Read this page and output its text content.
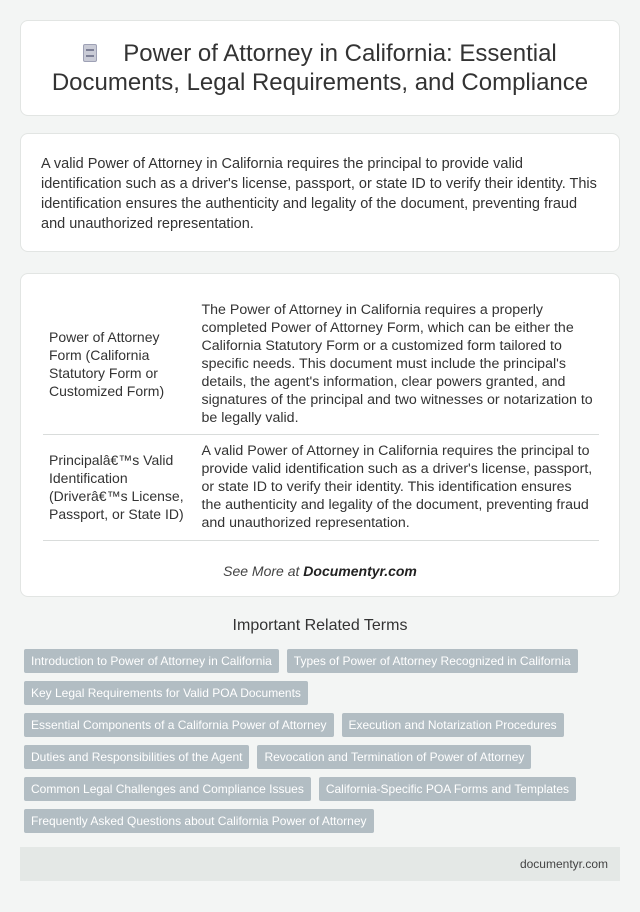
Power of Attorney in California: Essential Documents, Legal Requirements, and Compliance

A valid Power of Attorney in California requires the principal to provide valid identification such as a driver's license, passport, or state ID to verify their identity. This identification ensures the authenticity and legality of the document, preventing fraud and unauthorized representation.

Power of Attorney Form (California Statutory Form or Customized Form)	The Power of Attorney in California requires a properly completed Power of Attorney Form, which can be either the California Statutory Form or a customized form tailored to specific needs. This document must include the principal's details, the agent's information, clear powers granted, and signatures of the principal and two witnesses or notarization to be legally valid.
Principalâ€™s Valid Identification (Driverâ€™s License, Passport, or State ID)	A valid Power of Attorney in California requires the principal to provide valid identification such as a driver's license, passport, or state ID to verify their identity. This identification ensures the authenticity and legality of the document, preventing fraud and unauthorized representation.
See More at Documentyr.com
Important Related Terms
Introduction to Power of Attorney in California	Types of Power of Attorney Recognized in California
Key Legal Requirements for Valid POA Documents
Essential Components of a California Power of Attorney	Execution and Notarization Procedures
Duties and Responsibilities of the Agent	Revocation and Termination of Power of Attorney
Common Legal Challenges and Compliance Issues	California-Specific POA Forms and Templates
Frequently Asked Questions about California Power of Attorney
documentyr.com
